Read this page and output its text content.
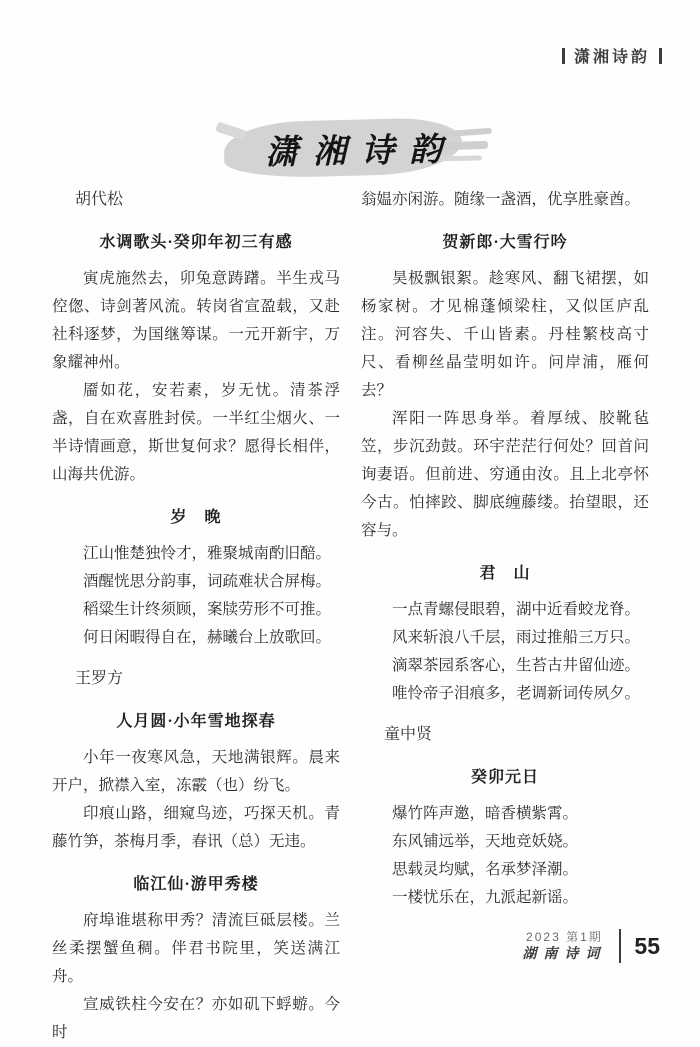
潇湘诗韵
潇湘诗韵

胡代松

水调歌头·癸卯年初三有感

寅虎施然去，卯兔意踌躇。半生戎马倥偬、诗剑著风流。转岗省宣盈载，又赴社科逐梦，为国继筹谋。一元开新宇，万象耀神州。

靥如花，安若素，岁无忧。清茶浮盏，自在欢喜胜封侯。一半红尘烟火、一半诗情画意，斯世复何求？愿得长相伴，山海共优游。

岁　晚

江山惟楚独怜才，雅聚城南酌旧醅。

酒醒恍思分韵事，词疏难状合屏梅。

稻粱生计终须顾，案牍劳形不可推。

何日闲暇得自在，赫曦台上放歌回。

王罗方

人月圆·小年雪地探春

小年一夜寒风急，天地满银辉。晨来开户，掀襟入室，冻霰（也）纷飞。

印痕山路，细窥鸟迹，巧探天机。青藤竹笋，茶梅月季，春讯（总）无违。

临江仙·游甲秀楼

府埠谁堪称甲秀？清流巨砥层楼。兰丝柔摆蟹鱼稠。伴君书院里，笑送满江舟。

宣威铁柱今安在？亦如矶下蜉蝣。今时

翁媪亦闲游。随缘一盏酒，优享胜豪酋。

贺新郎·大雪行吟

昊极飘银絮。趁寒风、翻飞裙摆，如杨家树。才见棉蓬倾梁柱，又似匡庐乱注。河容失、千山皆素。丹桂繁枝高寸尺、看柳丝晶莹明如许。问岸浦，雁何去？

浑阳一阵思身举。着厚绒、胶靴毡笠，步沉劲鼓。环宇茫茫行何处？回首问询妻语。但前进、穷通由汝。且上北亭怀今古。怕摔跤、脚底缠藤缕。抬望眼，还容与。

君　山

一点青螺侵眼碧，湖中近看蛟龙脊。

风来斩浪八千层，雨过推船三万只。

滴翠茶园系客心，生苔古井留仙迹。

唯怜帝子泪痕多，老调新词传夙夕。

童中贤

癸卯元日

爆竹阵声邀，暗香横紫霄。

东风铺远举，天地竞妖娆。

思载灵均赋，名承梦泽潮。

一楼忧乐在，九派起新谣。

2023 第1期
湖南诗词 55
